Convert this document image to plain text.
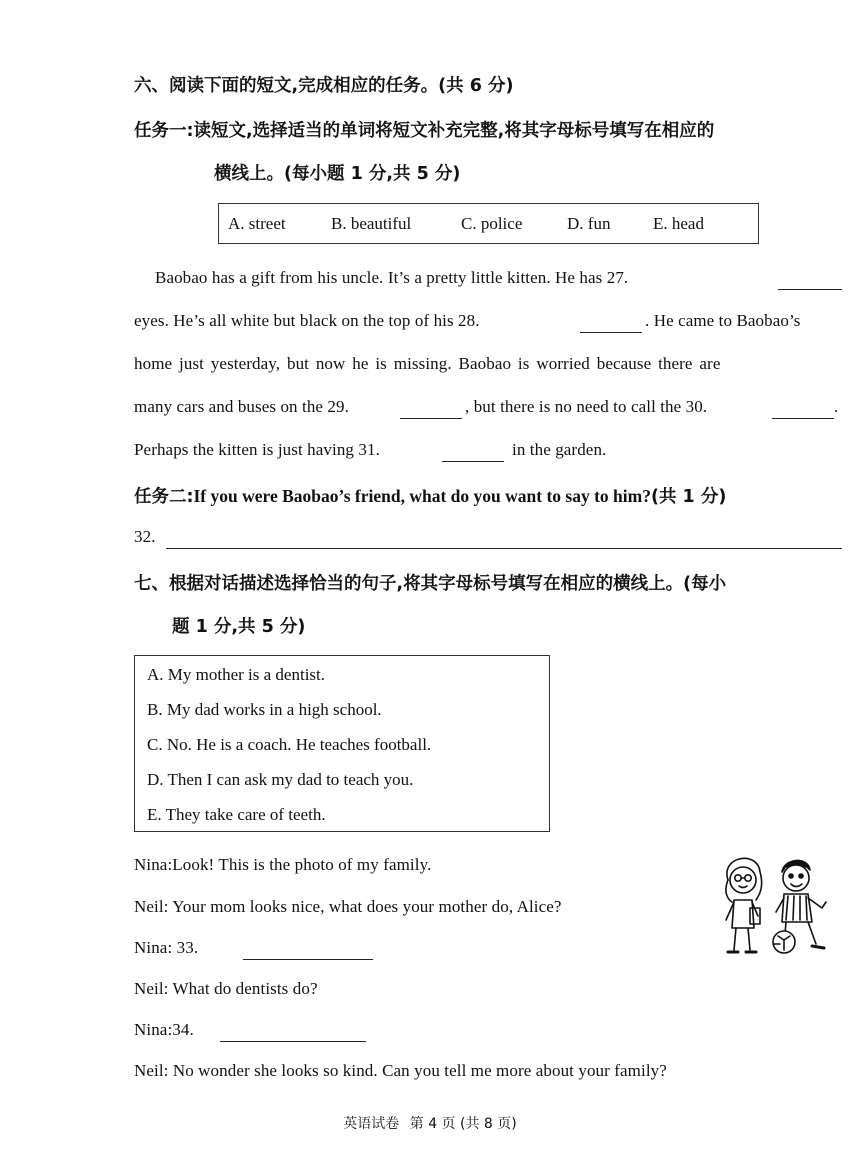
六、阅读下面的短文,完成相应的任务。(共 6 分)
任务一:读短文,选择适当的单词将短文补充完整,将其字母标号填写在相应的
横线上。(每小题 1 分,共 5 分)
A. street	B. beautiful	C. police	D. fun	E. head
Baobao has a gift from his uncle. It’s a pretty little kitten. He has 27.
eyes. He’s all white but black on the top of his 28.	. He came to Baobao’s
home just yesterday, but now he is missing. Baobao is worried because there are
many cars and buses on the 29.	, but there is no need to call the 30.	.
Perhaps the kitten is just having 31.	in the garden.
任务二:If you were Baobao’s friend, what do you want to say to him?(共 1 分)
32.
七、根据对话描述选择恰当的句子,将其字母标号填写在相应的横线上。(每小
题 1 分,共 5 分)
A. My mother is a dentist.
B. My dad works in a high school.
C. No. He is a coach. He teaches football.
D. Then I can ask my dad to teach you.
E. They take care of teeth.
Nina:Look! This is the photo of my family.
Neil: Your mom looks nice, what does your mother do, Alice?
Nina: 33.
Neil: What do dentists do?
Nina:34.
Neil: No wonder she looks so kind. Can you tell me more about your family?
英语试卷 第 4 页 (共 8 页)
